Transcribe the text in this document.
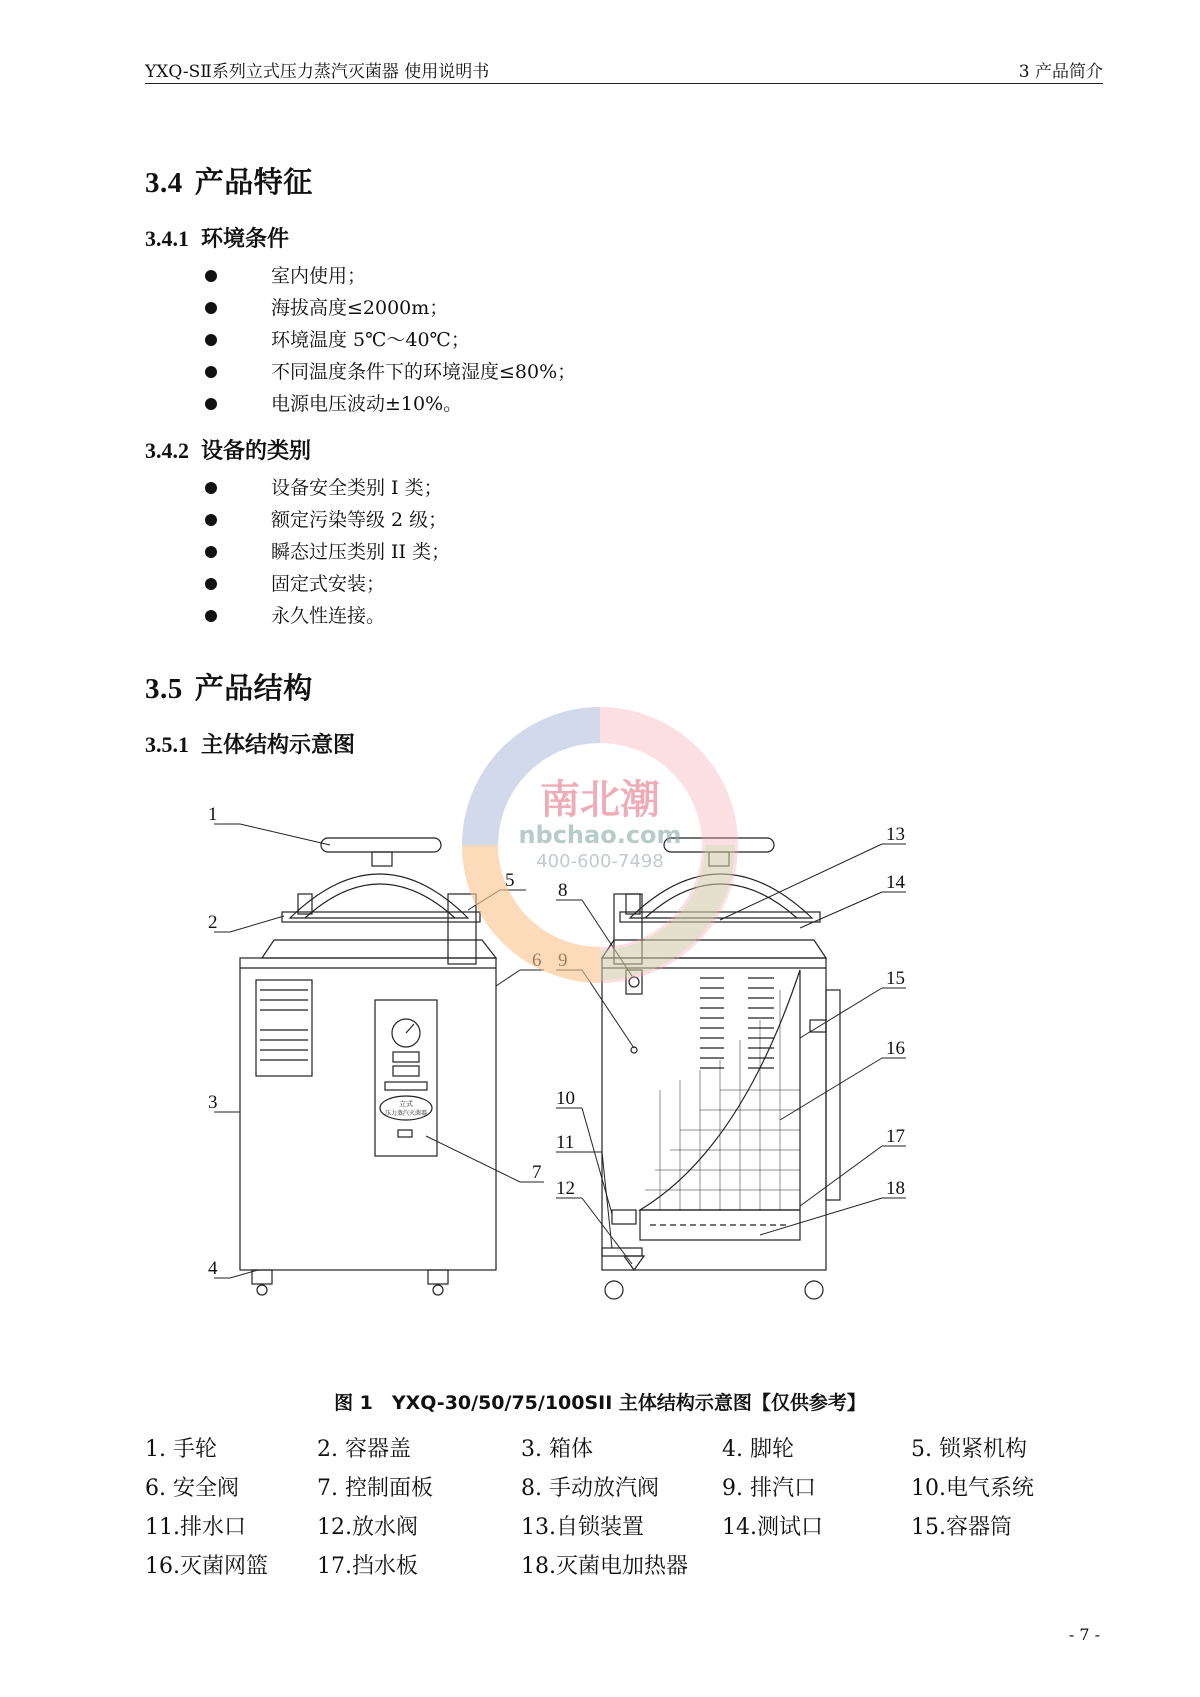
YXQ-SⅡ系列立式压力蒸汽灭菌器 使用说明书	3 产品简介
3.4 产品特征
3.4.1 环境条件
室内使用；
海拔高度≤2000m；
环境温度 5℃～40℃；
不同温度条件下的环境湿度≤80%；
电源电压波动±10%。
3.4.2 设备的类别
设备安全类别 I 类；
额定污染等级 2 级；
瞬态过压类别 II 类；
固定式安装；
永久性连接。
3.5 产品结构
3.5.1 主体结构示意图
立式
压力蒸汽灭菌器
1
2
3
4
5
6
7
8
9
10
11
12
13
14
15
16
17
18
南北潮
nbchao.com
400-600-7498
图 1　YXQ-30/50/75/100SII 主体结构示意图【仅供参考】
1. 手轮	2. 容器盖	3. 箱体	4. 脚轮	5. 锁紧机构
6. 安全阀	7. 控制面板	8. 手动放汽阀	9. 排汽口	10.电气系统
11.排水口	12.放水阀	13.自锁装置	14.测试口	15.容器筒
16.灭菌网篮 17.挡水板	18.灭菌电加热器
- 7 -
